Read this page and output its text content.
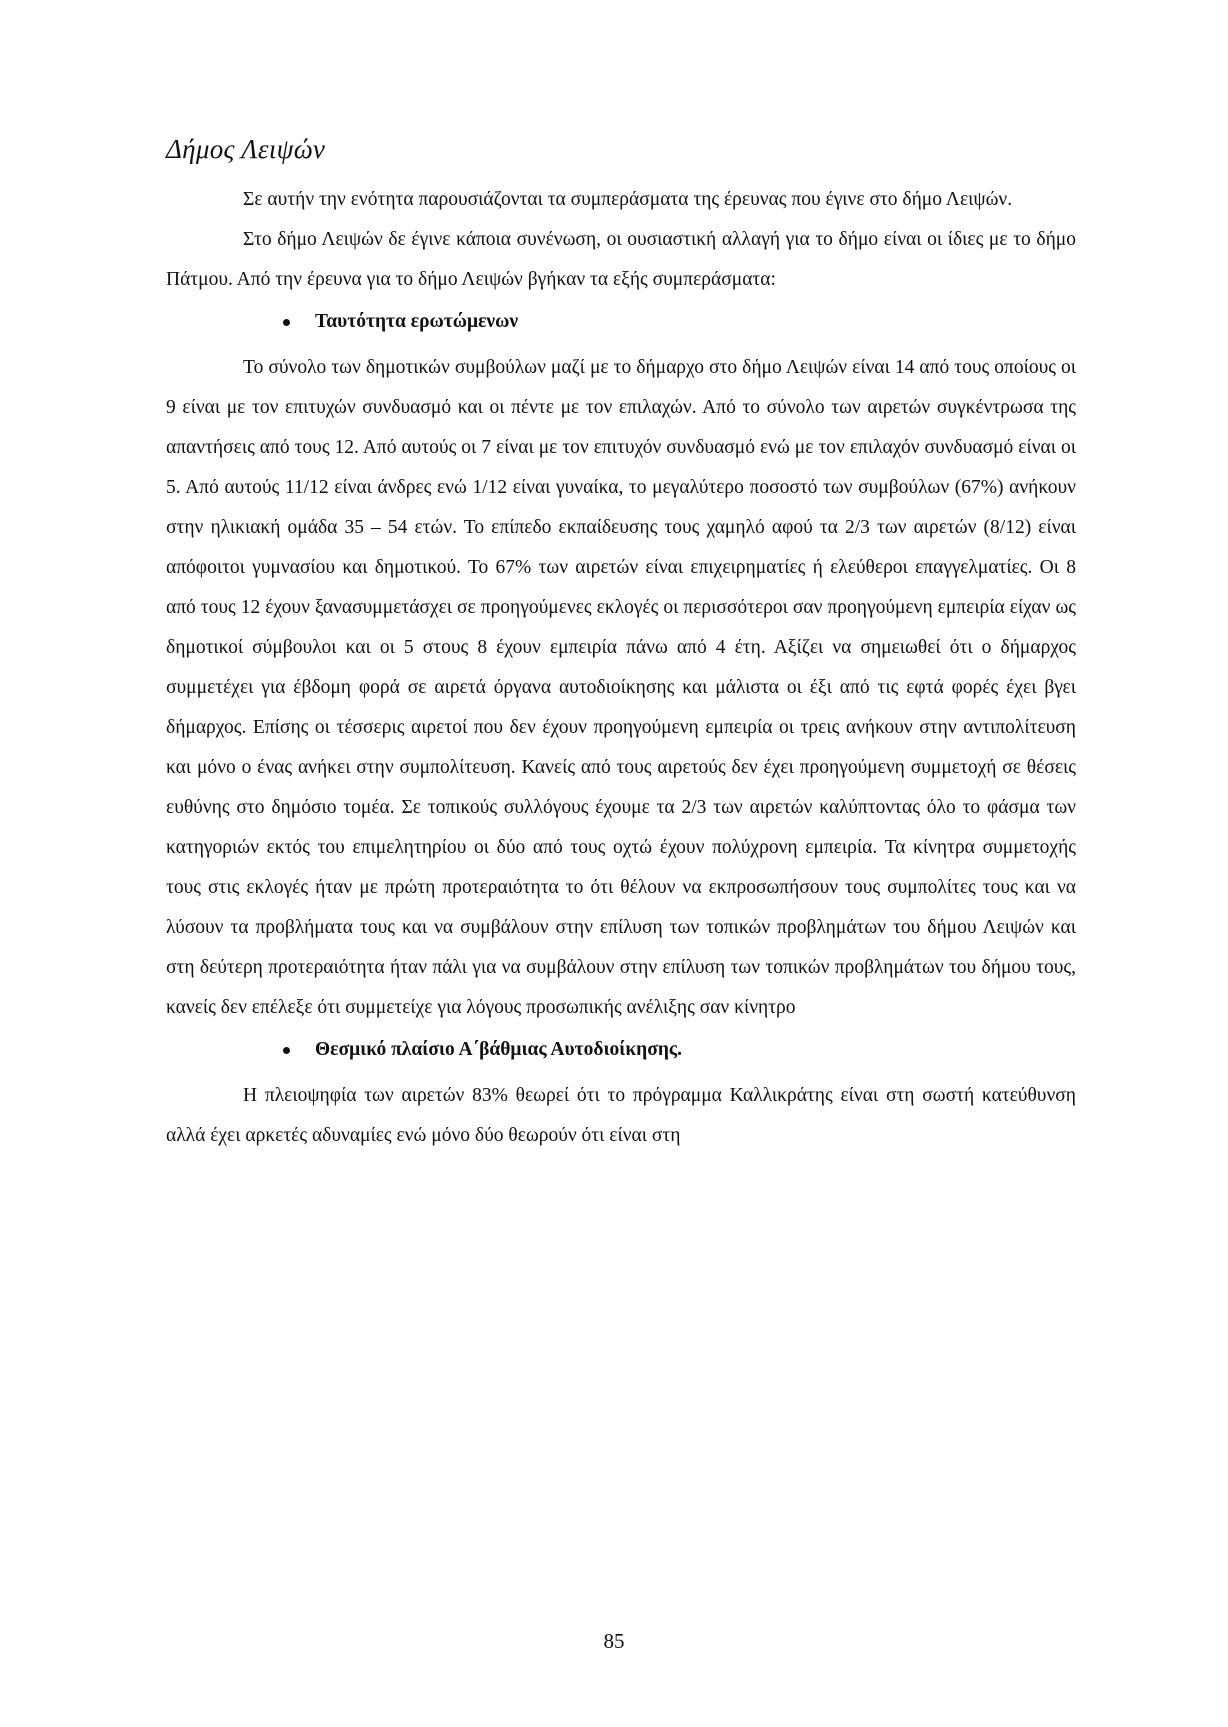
Δήμος Λειψών

Σε αυτήν την ενότητα παρουσιάζονται τα συμπεράσματα της έρευνας που έγινε στο δήμο Λειψών.

Στο δήμο Λειψών δε έγινε κάποια συνένωση, οι ουσιαστική αλλαγή για το δήμο είναι οι ίδιες με το δήμο Πάτμου. Από την έρευνα για το δήμο Λειψών βγήκαν τα εξής συμπεράσματα:

Ταυτότητα ερωτώμενων

Το σύνολο των δημοτικών συμβούλων μαζί με το δήμαρχο στο δήμο Λειψών είναι 14 από τους οποίους οι 9 είναι με τον επιτυχών συνδυασμό και οι πέντε με τον επιλαχών. Από το σύνολο των αιρετών συγκέντρωσα της απαντήσεις από τους 12. Από αυτούς οι 7 είναι με τον επιτυχόν συνδυασμό ενώ με τον επιλαχόν συνδυασμό είναι οι 5. Από αυτούς 11/12 είναι άνδρες ενώ 1/12 είναι γυναίκα, το μεγαλύτερο ποσοστό των συμβούλων (67%) ανήκουν στην ηλικιακή ομάδα 35 – 54 ετών. Το επίπεδο εκπαίδευσης τους χαμηλό αφού τα 2/3 των αιρετών (8/12) είναι απόφοιτοι γυμνασίου και δημοτικού. Το 67% των αιρετών είναι επιχειρηματίες ή ελεύθεροι επαγγελματίες. Οι 8 από τους 12 έχουν ξανασυμμετάσχει σε προηγούμενες εκλογές οι περισσότεροι σαν προηγούμενη εμπειρία είχαν ως δημοτικοί σύμβουλοι και οι 5 στους 8 έχουν εμπειρία πάνω από 4 έτη. Αξίζει να σημειωθεί ότι ο δήμαρχος συμμετέχει για έβδομη φορά σε αιρετά όργανα αυτοδιοίκησης και μάλιστα οι έξι από τις εφτά φορές έχει βγει δήμαρχος. Επίσης οι τέσσερις αιρετοί που δεν έχουν προηγούμενη εμπειρία οι τρεις ανήκουν στην αντιπολίτευση και μόνο ο ένας ανήκει στην συμπολίτευση. Κανείς από τους αιρετούς δεν έχει προηγούμενη συμμετοχή σε θέσεις ευθύνης στο δημόσιο τομέα. Σε τοπικούς συλλόγους έχουμε τα 2/3 των αιρετών καλύπτοντας όλο το φάσμα των κατηγοριών εκτός του επιμελητηρίου οι δύο από τους οχτώ έχουν πολύχρονη εμπειρία. Τα κίνητρα συμμετοχής τους στις εκλογές ήταν με πρώτη προτεραιότητα το ότι θέλουν να εκπροσωπήσουν τους συμπολίτες τους και να λύσουν τα προβλήματα τους και να συμβάλουν στην επίλυση των τοπικών προβλημάτων του δήμου Λειψών και στη δεύτερη προτεραιότητα ήταν πάλι για να συμβάλουν στην επίλυση των τοπικών προβλημάτων του δήμου τους, κανείς δεν επέλεξε ότι συμμετείχε για λόγους προσωπικής ανέλιξης σαν κίνητρο

Θεσμικό πλαίσιο Α΄βάθμιας Αυτοδιοίκησης.

Η πλειοψηφία των αιρετών 83% θεωρεί ότι το πρόγραμμα Καλλικράτης είναι στη σωστή κατεύθυνση αλλά έχει αρκετές αδυναμίες ενώ μόνο δύο θεωρούν ότι είναι στη

85
